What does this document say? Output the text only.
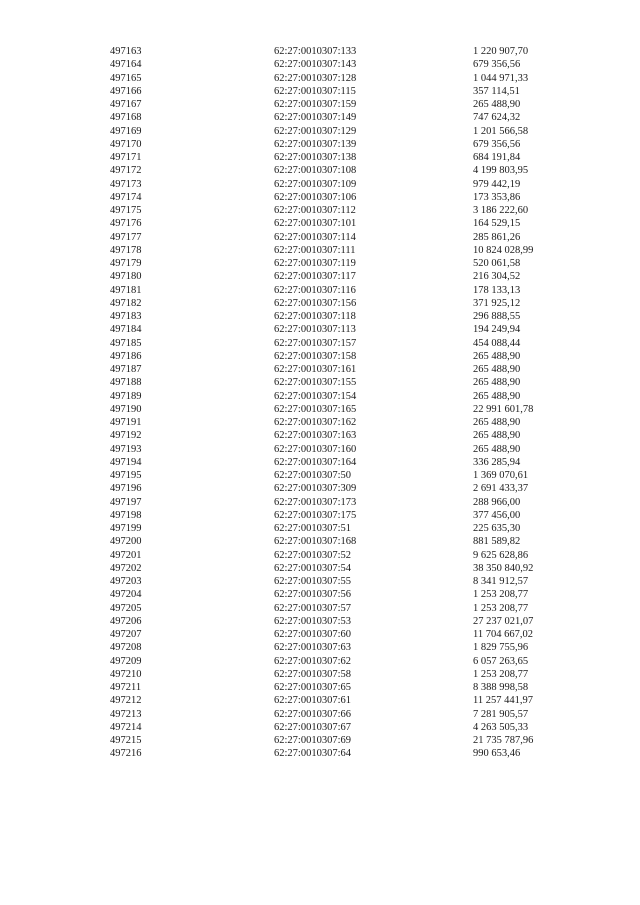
497163	62:27:0010307:133	1 220 907,70
497164	62:27:0010307:143	679 356,56
497165	62:27:0010307:128	1 044 971,33
497166	62:27:0010307:115	357 114,51
497167	62:27:0010307:159	265 488,90
497168	62:27:0010307:149	747 624,32
497169	62:27:0010307:129	1 201 566,58
497170	62:27:0010307:139	679 356,56
497171	62:27:0010307:138	684 191,84
497172	62:27:0010307:108	4 199 803,95
497173	62:27:0010307:109	979 442,19
497174	62:27:0010307:106	173 353,86
497175	62:27:0010307:112	3 186 222,60
497176	62:27:0010307:101	164 529,15
497177	62:27:0010307:114	285 861,26
497178	62:27:0010307:111	10 824 028,99
497179	62:27:0010307:119	520 061,58
497180	62:27:0010307:117	216 304,52
497181	62:27:0010307:116	178 133,13
497182	62:27:0010307:156	371 925,12
497183	62:27:0010307:118	296 888,55
497184	62:27:0010307:113	194 249,94
497185	62:27:0010307:157	454 088,44
497186	62:27:0010307:158	265 488,90
497187	62:27:0010307:161	265 488,90
497188	62:27:0010307:155	265 488,90
497189	62:27:0010307:154	265 488,90
497190	62:27:0010307:165	22 991 601,78
497191	62:27:0010307:162	265 488,90
497192	62:27:0010307:163	265 488,90
497193	62:27:0010307:160	265 488,90
497194	62:27:0010307:164	336 285,94
497195	62:27:0010307:50	1 369 070,61
497196	62:27:0010307:309	2 691 433,37
497197	62:27:0010307:173	288 966,00
497198	62:27:0010307:175	377 456,00
497199	62:27:0010307:51	225 635,30
497200	62:27:0010307:168	881 589,82
497201	62:27:0010307:52	9 625 628,86
497202	62:27:0010307:54	38 350 840,92
497203	62:27:0010307:55	8 341 912,57
497204	62:27:0010307:56	1 253 208,77
497205	62:27:0010307:57	1 253 208,77
497206	62:27:0010307:53	27 237 021,07
497207	62:27:0010307:60	11 704 667,02
497208	62:27:0010307:63	1 829 755,96
497209	62:27:0010307:62	6 057 263,65
497210	62:27:0010307:58	1 253 208,77
497211	62:27:0010307:65	8 388 998,58
497212	62:27:0010307:61	11 257 441,97
497213	62:27:0010307:66	7 281 905,57
497214	62:27:0010307:67	4 263 505,33
497215	62:27:0010307:69	21 735 787,96
497216	62:27:0010307:64	990 653,46
